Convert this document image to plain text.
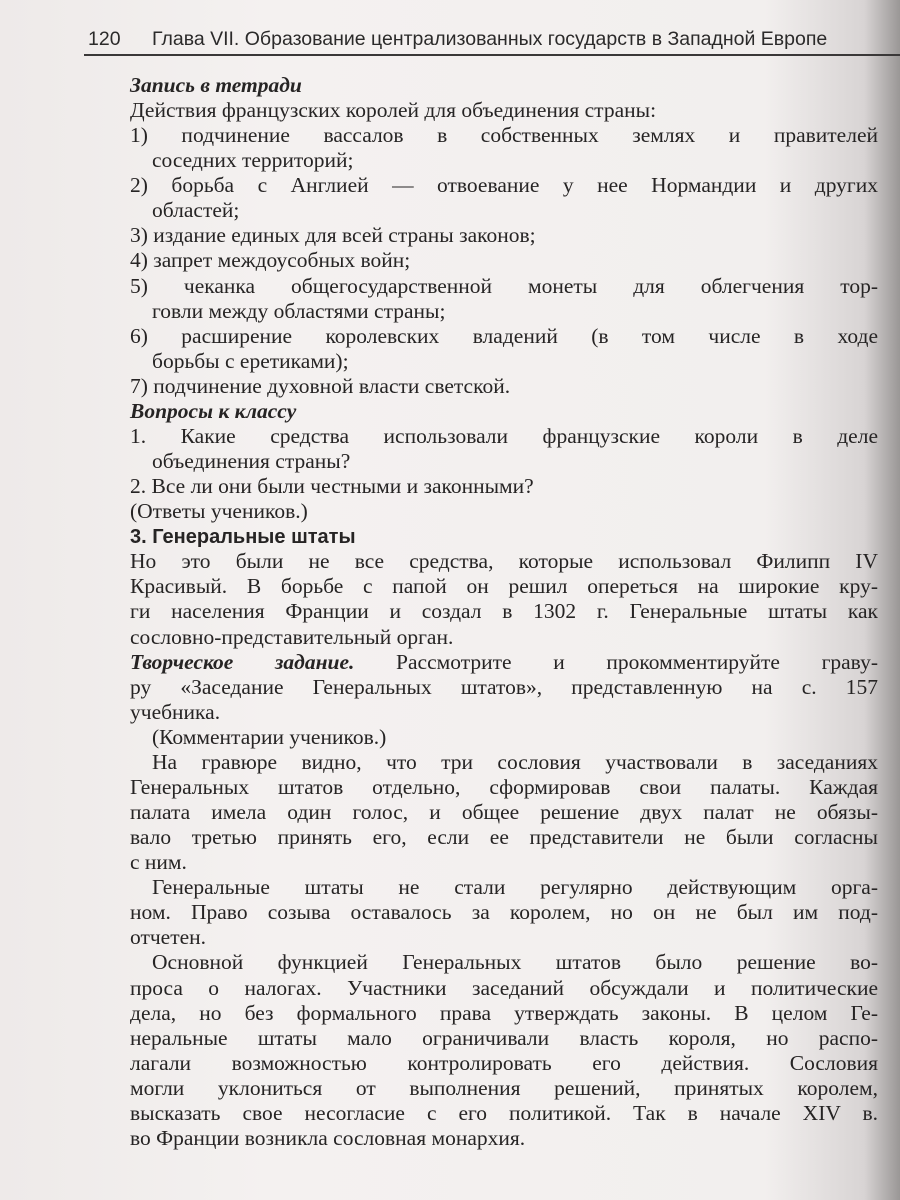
120 Глава VII. Образование централизованных государств в Западной Европе
Запись в тетради
Действия французских королей для объединения страны:
1) подчинение вассалов в собственных землях и правителей
соседних территорий;
2) борьба с Англией — отвоевание у нее Нормандии и других
областей;
3) издание единых для всей страны законов;
4) запрет междоусобных войн;
5) чеканка общегосударственной монеты для облегчения тор-
говли между областями страны;
6) расширение королевских владений (в том числе в ходе
борьбы с еретиками);
7) подчинение духовной власти светской.
Вопросы к классу
1. Какие средства использовали французские короли в деле
объединения страны?
2. Все ли они были честными и законными?
(Ответы учеников.)
3. Генеральные штаты
Но это были не все средства, которые использовал Филипп IV
Красивый. В борьбе с папой он решил опереться на широкие кру-
ги населения Франции и создал в 1302 г. Генеральные штаты как
сословно-представительный орган.
Творческое задание. Рассмотрите и прокомментируйте граву-
ру «Заседание Генеральных штатов», представленную на с. 157
учебника.
(Комментарии учеников.)
На гравюре видно, что три сословия участвовали в заседаниях
Генеральных штатов отдельно, сформировав свои палаты. Каждая
палата имела один голос, и общее решение двух палат не обязы-
вало третью принять его, если ее представители не были согласны
с ним.
Генеральные штаты не стали регулярно действующим орга-
ном. Право созыва оставалось за королем, но он не был им под-
отчетен.
Основной функцией Генеральных штатов было решение во-
проса о налогах. Участники заседаний обсуждали и политические
дела, но без формального права утверждать законы. В целом Ге-
неральные штаты мало ограничивали власть короля, но распо-
лагали возможностью контролировать его действия. Сословия
могли уклониться от выполнения решений, принятых королем,
высказать свое несогласие с его политикой. Так в начале XIV в.
во Франции возникла сословная монархия.
